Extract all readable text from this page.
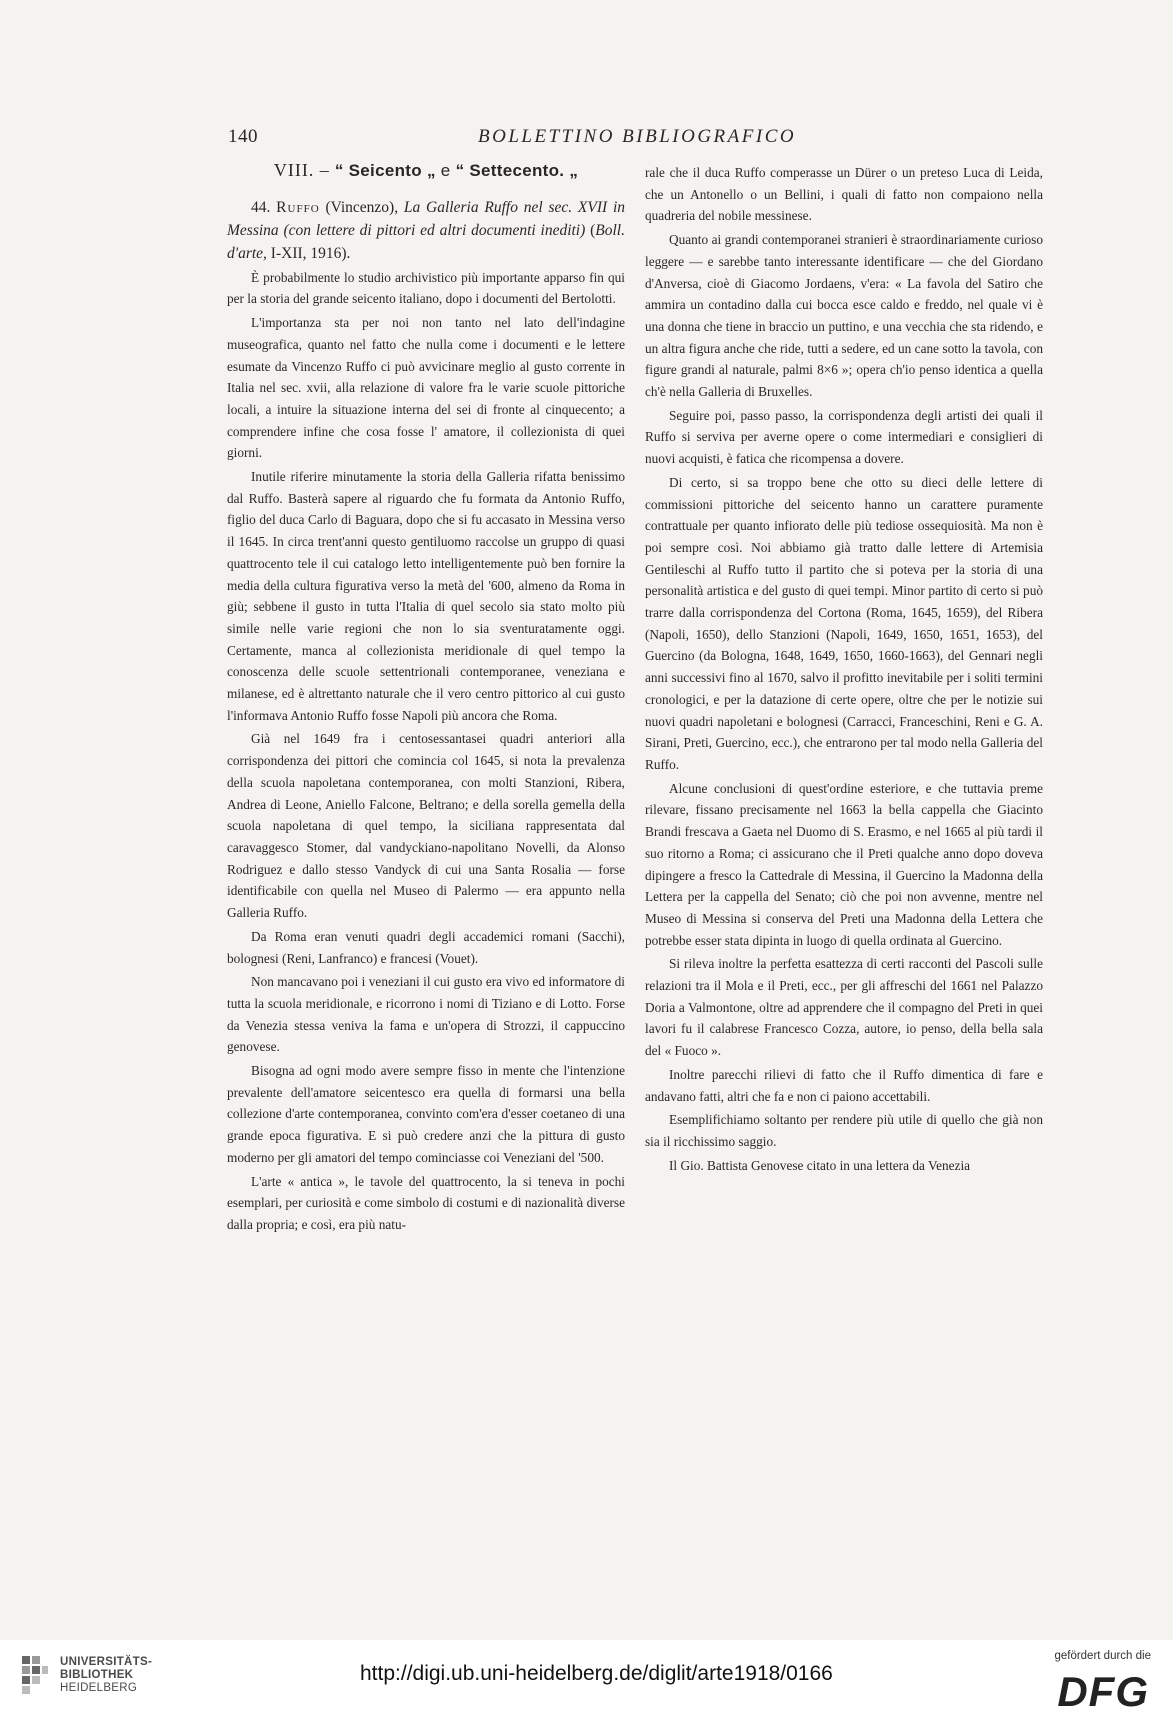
140	BOLLETTINO BIBLIOGRAFICO
VIII. – “ Seicento „ e “ Settecento. „

44. Ruffo (Vincenzo), La Galleria Ruffo nel sec. XVII in Messina (con lettere di pittori ed altri documenti inediti) (Boll. d'arte, I-XII, 1916).

È probabilmente lo studio archivistico più importante apparso fin qui per la storia del grande seicento italiano, dopo i documenti del Bertolotti.

L'importanza sta per noi non tanto nel lato dell'indagine museografica, quanto nel fatto che nulla come i documenti e le lettere esumate da Vincenzo Ruffo ci può avvicinare meglio al gusto corrente in Italia nel sec. xvii, alla relazione di valore fra le varie scuole pittoriche locali, a intuire la situazione interna del sei di fronte al cinquecento; a comprendere infine che cosa fosse l' amatore, il collezionista di quei giorni.

Inutile riferire minutamente la storia della Galleria rifatta benissimo dal Ruffo. Basterà sapere al riguardo che fu formata da Antonio Ruffo, figlio del duca Carlo di Baguara, dopo che si fu accasato in Messina verso il 1645. In circa trent'anni questo gentiluomo raccolse un gruppo di quasi quattrocento tele il cui catalogo letto intelligentemente può ben fornire la media della cultura figurativa verso la metà del '600, almeno da Roma in giù; sebbene il gusto in tutta l'Italia di quel secolo sia stato molto più simile nelle varie regioni che non lo sia sventuratamente oggi. Certamente, manca al collezionista meridionale di quel tempo la conoscenza delle scuole settentrionali contemporanee, veneziana e milanese, ed è altrettanto naturale che il vero centro pittorico al cui gusto l'informava Antonio Ruffo fosse Napoli più ancora che Roma.

Già nel 1649 fra i centosessantasei quadri anteriori alla corrispondenza dei pittori che comincia col 1645, si nota la prevalenza della scuola napoletana contemporanea, con molti Stanzioni, Ribera, Andrea di Leone, Aniello Falcone, Beltrano; e della sorella gemella della scuola napoletana di quel tempo, la siciliana rappresentata dal caravaggesco Stomer, dal vandyckiano-napolitano Novelli, da Alonso Rodriguez e dallo stesso Vandyck di cui una Santa Rosalia — forse identificabile con quella nel Museo di Palermo — era appunto nella Galleria Ruffo.

Da Roma eran venuti quadri degli accademici romani (Sacchi), bolognesi (Reni, Lanfranco) e francesi (Vouet).

Non mancavano poi i veneziani il cui gusto era vivo ed informatore di tutta la scuola meridionale, e ricorrono i nomi di Tiziano e di Lotto. Forse da Venezia stessa veniva la fama e un'opera di Strozzi, il cappuccino genovese.

Bisogna ad ogni modo avere sempre fisso in mente che l'intenzione prevalente dell'amatore seicentesco era quella di formarsi una bella collezione d'arte contemporanea, convinto com'era d'esser coetaneo di una grande epoca figurativa. E si può credere anzi che la pittura di gusto moderno per gli amatori del tempo cominciasse coi Veneziani del '500.

L'arte « antica », le tavole del quattrocento, la si teneva in pochi esemplari, per curiosità e come simbolo di costumi e di nazionalità diverse dalla propria; e così, era più natu-

rale che il duca Ruffo comperasse un Dürer o un preteso Luca di Leida, che un Antonello o un Bellini, i quali di fatto non compaiono nella quadreria del nobile messinese.

Quanto ai grandi contemporanei stranieri è straordinariamente curioso leggere — e sarebbe tanto interessante identificare — che del Giordano d'Anversa, cioè di Giacomo Jordaens, v'era: « La favola del Satiro che ammira un contadino dalla cui bocca esce caldo e freddo, nel quale vi è una donna che tiene in braccio un puttino, e una vecchia che sta ridendo, e un altra figura anche che ride, tutti a sedere, ed un cane sotto la tavola, con figure grandi al naturale, palmi 8×6 »; opera ch'io penso identica a quella ch'è nella Galleria di Bruxelles.

Seguire poi, passo passo, la corrispondenza degli artisti dei quali il Ruffo si serviva per averne opere o come intermediari e consiglieri di nuovi acquisti, è fatica che ricompensa a dovere.

Di certo, si sa troppo bene che otto su dieci delle lettere di commissioni pittoriche del seicento hanno un carattere puramente contrattuale per quanto infiorato delle più tediose ossequiosità. Ma non è poi sempre così. Noi abbiamo già tratto dalle lettere di Artemisia Gentileschi al Ruffo tutto il partito che si poteva per la storia di una personalità artistica e del gusto di quei tempi. Minor partito di certo si può trarre dalla corrispondenza del Cortona (Roma, 1645, 1659), del Ribera (Napoli, 1650), dello Stanzioni (Napoli, 1649, 1650, 1651, 1653), del Guercino (da Bologna, 1648, 1649, 1650, 1660-1663), del Gennari negli anni successivi fino al 1670, salvo il profitto inevitabile per i soliti termini cronologici, e per la datazione di certe opere, oltre che per le notizie sui nuovi quadri napoletani e bolognesi (Carracci, Franceschini, Reni e G. A. Sirani, Preti, Guercino, ecc.), che entrarono per tal modo nella Galleria del Ruffo.

Alcune conclusioni di quest'ordine esteriore, e che tuttavia preme rilevare, fissano precisamente nel 1663 la bella cappella che Giacinto Brandi frescava a Gaeta nel Duomo di S. Erasmo, e nel 1665 al più tardi il suo ritorno a Roma; ci assicurano che il Preti qualche anno dopo doveva dipingere a fresco la Cattedrale di Messina, il Guercino la Madonna della Lettera per la cappella del Senato; ciò che poi non avvenne, mentre nel Museo di Messina si conserva del Preti una Madonna della Lettera che potrebbe esser stata dipinta in luogo di quella ordinata al Guercino.

Si rileva inoltre la perfetta esattezza di certi racconti del Pascoli sulle relazioni tra il Mola e il Preti, ecc., per gli affreschi del 1661 nel Palazzo Doria a Valmontone, oltre ad apprendere che il compagno del Preti in quei lavori fu il calabrese Francesco Cozza, autore, io penso, della bella sala del « Fuoco ».

Inoltre parecchi rilievi di fatto che il Ruffo dimentica di fare e andavano fatti, altri che fa e non ci paiono accettabili.

Esemplifichiamo soltanto per rendere più utile di quello che già non sia il ricchissimo saggio.

Il Gio. Battista Genovese citato in una lettera da Venezia

UNIVERSITÄTS-
BIBLIOTHEK
HEIDELBERG
http://digi.ub.uni-heidelberg.de/diglit/arte1918/0166
gefördert durch die
DFG
